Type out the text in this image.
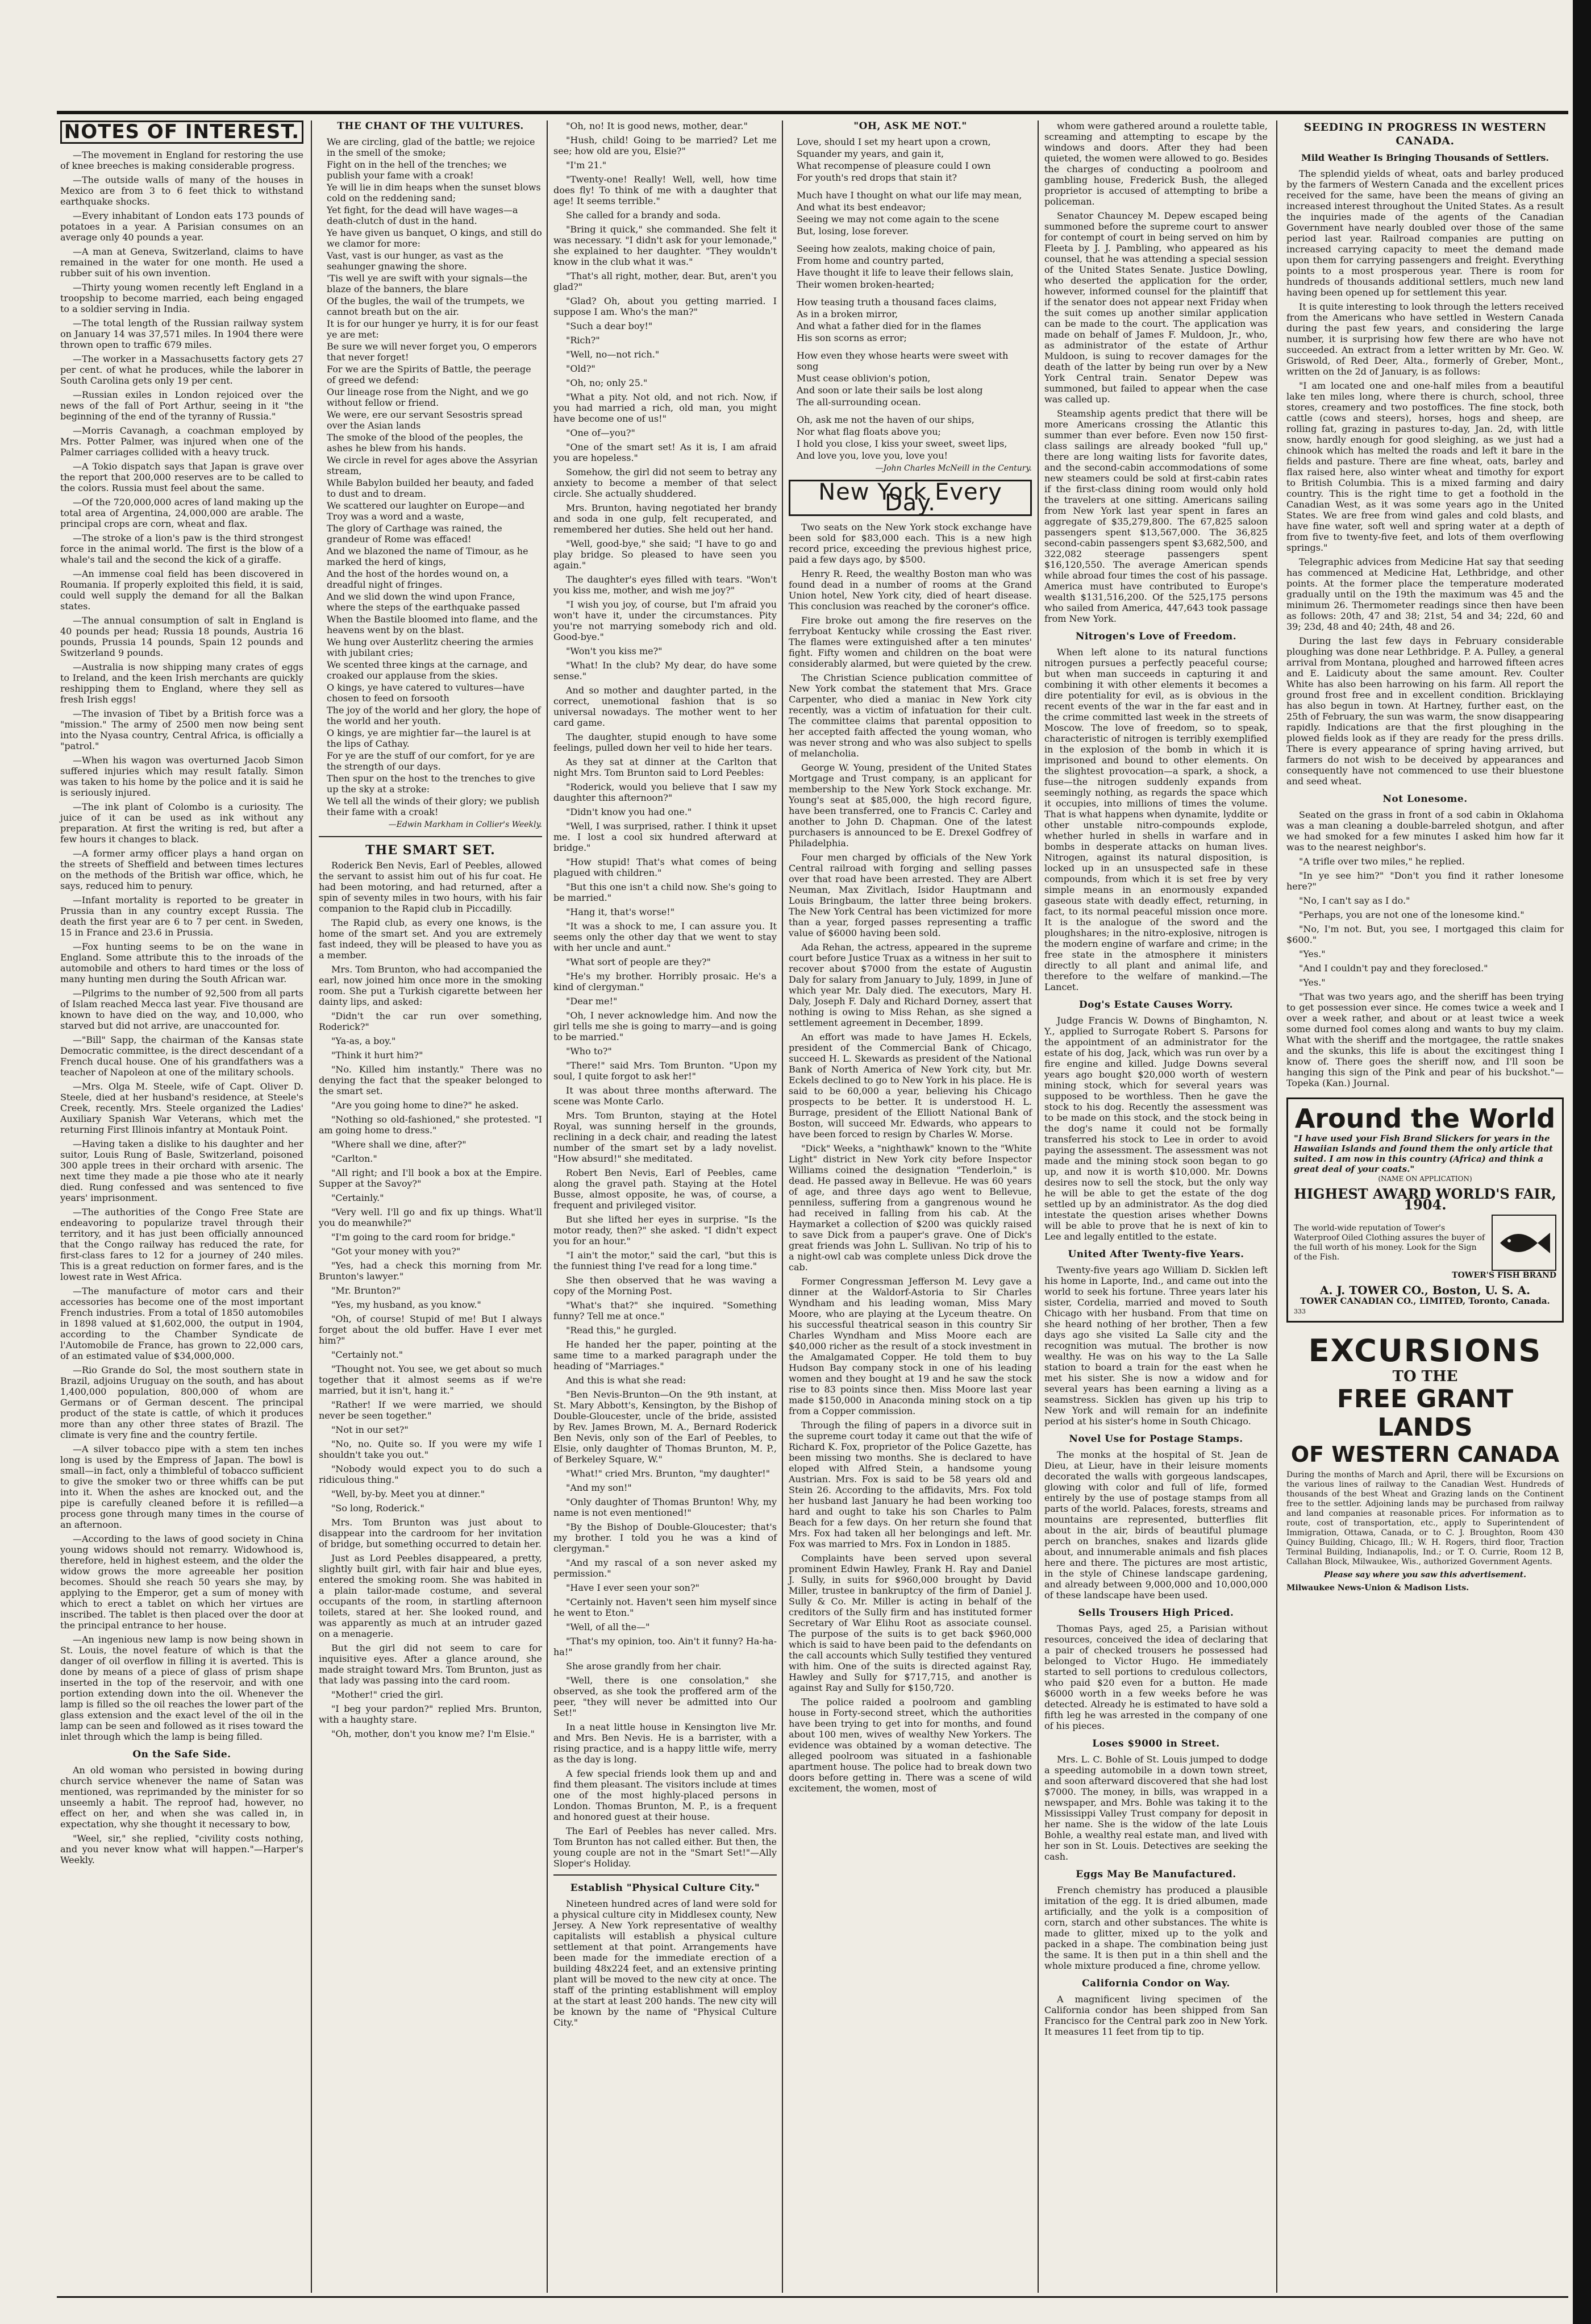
NOTES OF INTEREST.

—The movement in England for restoring the use of knee breeches is making considerable progress.

—The outside walls of many of the houses in Mexico are from 3 to 6 feet thick to withstand earthquake shocks.

—Every inhabitant of London eats 173 pounds of potatoes in a year. A Parisian consumes on an average only 40 pounds a year.

—A man at Geneva, Switzerland, claims to have remained in the water for one month. He used a rubber suit of his own invention.

—Thirty young women recently left England in a troopship to become married, each being engaged to a soldier serving in India.

—The total length of the Russian railway system on January 14 was 37,571 miles. In 1904 there were thrown open to traffic 679 miles.

—The worker in a Massachusetts factory gets 27 per cent. of what he produces, while the laborer in South Carolina gets only 19 per cent.

—Russian exiles in London rejoiced over the news of the fall of Port Arthur, seeing in it "the beginning of the end of the tyranny of Russia."

—Morris Cavanagh, a coachman employed by Mrs. Potter Palmer, was injured when one of the Palmer carriages collided with a heavy truck.

—A Tokio dispatch says that Japan is grave over the report that 200,000 reserves are to be called to the colors. Russia must feel about the same.

—Of the 720,000,000 acres of land making up the total area of Argentina, 24,000,000 are arable. The principal crops are corn, wheat and flax.

—The stroke of a lion's paw is the third strongest force in the animal world. The first is the blow of a whale's tail and the second the kick of a giraffe.

—An immense coal field has been discovered in Roumania. If properly exploited this field, it is said, could well supply the demand for all the Balkan states.

—The annual consumption of salt in England is 40 pounds per head; Russia 18 pounds, Austria 16 pounds, Prussia 14 pounds, Spain 12 pounds and Switzerland 9 pounds.

—Australia is now shipping many crates of eggs to Ireland, and the keen Irish merchants are quickly reshipping them to England, where they sell as fresh Irish eggs!

—The invasion of Tibet by a British force was a "mission." The army of 2500 men now being sent into the Nyasa country, Central Africa, is officially a "patrol."

—When his wagon was overturned Jacob Simon suffered injuries which may result fatally. Simon was taken to his home by the police and it is said he is seriously injured.

—The ink plant of Colombo is a curiosity. The juice of it can be used as ink without any preparation. At first the writing is red, but after a few hours it changes to black.

—A former army officer plays a hand organ on the streets of Sheffield and between times lectures on the methods of the British war office, which, he says, reduced him to penury.

—Infant mortality is reported to be greater in Prussia than in any country except Russia. The death the first year are 6 to 7 per cent. in Sweden, 15 in France and 23.6 in Prussia.

—Fox hunting seems to be on the wane in England. Some attribute this to the inroads of the automobile and others to hard times or the loss of many hunting men during the South African war.

—Pilgrims to the number of 92,500 from all parts of Islam reached Mecca last year. Five thousand are known to have died on the way, and 10,000, who starved but did not arrive, are unaccounted for.

—"Bill" Sapp, the chairman of the Kansas state Democratic committee, is the direct descendant of a French ducal house. One of his grandfathers was a teacher of Napoleon at one of the military schools.

—Mrs. Olga M. Steele, wife of Capt. Oliver D. Steele, died at her husband's residence, at Steele's Creek, recently. Mrs. Steele organized the Ladies' Auxiliary Spanish War Veterans, which met the returning First Illinois infantry at Montauk Point.

—Having taken a dislike to his daughter and her suitor, Louis Rung of Basle, Switzerland, poisoned 300 apple trees in their orchard with arsenic. The next time they made a pie those who ate it nearly died. Rung confessed and was sentenced to five years' imprisonment.

—The authorities of the Congo Free State are endeavoring to popularize travel through their territory, and it has just been officially announced that the Congo railway has reduced the rate, for first-class fares to 12 for a journey of 240 miles. This is a great reduction on former fares, and is the lowest rate in West Africa.

—The manufacture of motor cars and their accessories has become one of the most important French industries. From a total of 1850 automobiles in 1898 valued at $1,602,000, the output in 1904, according to the Chamber Syndicate de l'Automobile de France, has grown to 22,000 cars, of an estimated value of $34,000,000.

—Rio Grande do Sol, the most southern state in Brazil, adjoins Uruguay on the south, and has about 1,400,000 population, 800,000 of whom are Germans or of German descent. The principal product of the state is cattle, of which it produces more than any other three states of Brazil. The climate is very fine and the country fertile.

—A silver tobacco pipe with a stem ten inches long is used by the Empress of Japan. The bowl is small—in fact, only a thimbleful of tobacco sufficient to give the smoker two or three whiffs can be put into it. When the ashes are knocked out, and the pipe is carefully cleaned before it is refilled—a process gone through many times in the course of an afternoon.

—According to the laws of good society in China young widows should not remarry. Widowhood is, therefore, held in highest esteem, and the older the widow grows the more agreeable her position becomes. Should she reach 50 years she may, by applying to the Emperor, get a sum of money with which to erect a tablet on which her virtues are inscribed. The tablet is then placed over the door at the principal entrance to her house.

—An ingenious new lamp is now being shown in St. Louis, the novel feature of which is that the danger of oil overflow in filling it is averted. This is done by means of a piece of glass of prism shape inserted in the top of the reservoir, and with one portion extending down into the oil. Whenever the lamp is filled so the oil reaches the lower part of the glass extension and the exact level of the oil in the lamp can be seen and followed as it rises toward the inlet through which the lamp is being filled.

On the Safe Side.

An old woman who persisted in bowing during church service whenever the name of Satan was mentioned, was reprimanded by the minister for so unseemly a habit. The reproof had, however, no effect on her, and when she was called in, in expectation, why she thought it necessary to bow,

"Weel, sir," she replied, "civility costs nothing, and you never know what will happen."—Harper's Weekly.

THE CHANT OF THE VULTURES.

We are circling, glad of the battle; we rejoice in the smell of the smoke;

Fight on in the hell of the trenches; we publish your fame with a croak!

Ye will lie in dim heaps when the sunset blows cold on the reddening sand;

Yet fight, for the dead will have wages—a death-clutch of dust in the hand.

Ye have given us banquet, O kings, and still do we clamor for more:

Vast, vast is our hunger, as vast as the seahunger gnawing the shore.

'Tis well ye are swift with your signals—the blaze of the banners, the blare

Of the bugles, the wail of the trumpets, we cannot breath but on the air.

It is for our hunger ye hurry, it is for our feast ye are met:

Be sure we will never forget you, O emperors that never forget!

For we are the Spirits of Battle, the peerage of greed we defend:

Our lineage rose from the Night, and we go without fellow or friend.

We were, ere our servant Sesostris spread over the Asian lands

The smoke of the blood of the peoples, the ashes he blew from his hands.

We circle in revel for ages above the Assyrian stream,

While Babylon builded her beauty, and faded to dust and to dream.

We scattered our laughter on Europe—and Troy was a word and a waste,

The glory of Carthage was rained, the grandeur of Rome was effaced!

And we blazoned the name of Timour, as he marked the herd of kings,

And the host of the hordes wound on, a dreadful night of fringes.

And we slid down the wind upon France, where the steps of the earthquake passed

When the Bastile bloomed into flame, and the heavens went by on the blast.

We hung over Austerlitz cheering the armies with jubilant cries;

We scented three kings at the carnage, and croaked our applause from the skies.

O kings, ye have catered to vultures—have chosen to feed on forsooth

The joy of the world and her glory, the hope of the world and her youth.

O kings, ye are mightier far—the laurel is at the lips of Cathay.

For ye are the stuff of our comfort, for ye are the strength of our days.

Then spur on the host to the trenches to give up the sky at a stroke:

We tell all the winds of their glory; we publish their fame with a croak!

—Edwin Markham in Collier's Weekly.

THE SMART SET.

Roderick Ben Nevis, Earl of Peebles, allowed the servant to assist him out of his fur coat. He had been motoring, and had returned, after a spin of seventy miles in two hours, with his fair companion to the Rapid club in Piccadilly.

The Rapid club, as every one knows, is the home of the smart set. And you are extremely fast indeed, they will be pleased to have you as a member.

Mrs. Tom Brunton, who had accompanied the earl, now joined him once more in the smoking room. She put a Turkish cigarette between her dainty lips, and asked:

"Didn't the car run over something, Roderick?"

"Ya-as, a boy."

"Think it hurt him?"

"No. Killed him instantly." There was no denying the fact that the speaker belonged to the smart set.

"Are you going home to dine?" he asked.

"Nothing so old-fashioned," she protested. "I am going home to dress."

"Where shall we dine, after?"

"Carlton."

"All right; and I'll book a box at the Empire. Supper at the Savoy?"

"Certainly."

"Very well. I'll go and fix up things. What'll you do meanwhile?"

"I'm going to the card room for bridge."

"Got your money with you?"

"Yes, had a check this morning from Mr. Brunton's lawyer."

"Mr. Brunton?"

"Yes, my husband, as you know."

"Oh, of course! Stupid of me! But I always forget about the old buffer. Have I ever met him?"

"Certainly not."

"Thought not. You see, we get about so much together that it almost seems as if we're married, but it isn't, hang it."

"Rather! If we were married, we should never be seen together."

"Not in our set?"

"No, no. Quite so. If you were my wife I shouldn't take you out."

"Nobody would expect you to do such a ridiculous thing."

"Well, by-by. Meet you at dinner."

"So long, Roderick."

Mrs. Tom Brunton was just about to disappear into the cardroom for her invitation of bridge, but something occurred to detain her.

Just as Lord Peebles disappeared, a pretty, slightly built girl, with fair hair and blue eyes, entered the smoking room. She was habited in a plain tailor-made costume, and several occupants of the room, in startling afternoon toilets, stared at her. She looked round, and was apparently as much at an intruder gazed on a menagerie.

But the girl did not seem to care for inquisitive eyes. After a glance around, she made straight toward Mrs. Tom Brunton, just as that lady was passing into the card room.

"Mother!" cried the girl.

"I beg your pardon?" replied Mrs. Brunton, with a haughty stare.

"Oh, mother, don't you know me? I'm Elsie."

"Oh, no! It is good news, mother, dear."

"Hush, child! Going to be married? Let me see; how old are you, Elsie?"

"I'm 21."

"Twenty-one! Really! Well, well, how time does fly! To think of me with a daughter that age! It seems terrible."

She called for a brandy and soda.

"Bring it quick," she commanded. She felt it was necessary. "I didn't ask for your lemonade," she explained to her daughter. "They wouldn't know in the club what it was."

"That's all right, mother, dear. But, aren't you glad?"

"Glad? Oh, about you getting married. I suppose I am. Who's the man?"

"Such a dear boy!"

"Rich?"

"Well, no—not rich."

"Old?"

"Oh, no; only 25."

"What a pity. Not old, and not rich. Now, if you had married a rich, old man, you might have become one of us!"

"One of—you?"

"One of the smart set! As it is, I am afraid you are hopeless."

Somehow, the girl did not seem to betray any anxiety to become a member of that select circle. She actually shuddered.

Mrs. Brunton, having negotiated her brandy and soda in one gulp, felt recuperated, and remembered her duties. She held out her hand.

"Well, good-bye," she said; "I have to go and play bridge. So pleased to have seen you again."

The daughter's eyes filled with tears. "Won't you kiss me, mother, and wish me joy?"

"I wish you joy, of course, but I'm afraid you won't have it, under the circumstances. Pity you're not marrying somebody rich and old. Good-bye."

"Won't you kiss me?"

"What! In the club? My dear, do have some sense."

And so mother and daughter parted, in the correct, unemotional fashion that is so universal nowadays. The mother went to her card game.

The daughter, stupid enough to have some feelings, pulled down her veil to hide her tears.

As they sat at dinner at the Carlton that night Mrs. Tom Brunton said to Lord Peebles:

"Roderick, would you believe that I saw my daughter this afternoon?"

"Didn't know you had one."

"Well, I was surprised, rather. I think it upset me. I lost a cool six hundred afterward at bridge."

"How stupid! That's what comes of being plagued with children."

"But this one isn't a child now. She's going to be married."

"Hang it, that's worse!"

"It was a shock to me, I can assure you. It seems only the other day that we went to stay with her uncle and aunt."

"What sort of people are they?"

"He's my brother. Horribly prosaic. He's a kind of clergyman."

"Dear me!"

"Oh, I never acknowledge him. And now the girl tells me she is going to marry—and is going to be married."

"Who to?"

"There!" said Mrs. Tom Brunton. "Upon my soul, I quite forgot to ask her!"

It was about three months afterward. The scene was Monte Carlo.

Mrs. Tom Brunton, staying at the Hotel Royal, was sunning herself in the grounds, reclining in a deck chair, and reading the latest number of the smart set by a lady novelist. "How absurd!" she meditated.

Robert Ben Nevis, Earl of Peebles, came along the gravel path. Staying at the Hotel Busse, almost opposite, he was, of course, a frequent and privileged visitor.

But she lifted her eyes in surprise. "Is the motor ready, then?" she asked. "I didn't expect you for an hour."

"I ain't the motor," said the carl, "but this is the funniest thing I've read for a long time."

She then observed that he was waving a copy of the Morning Post.

"What's that?" she inquired. "Something funny? Tell me at once."

"Read this," he gurgled.

He handed her the paper, pointing at the same time to a marked paragraph under the heading of "Marriages."

And this is what she read:

"Ben Nevis-Brunton—On the 9th instant, at St. Mary Abbott's, Kensington, by the Bishop of Double-Gloucester, uncle of the bride, assisted by Rev. James Brown, M. A., Bernard Roderick Ben Nevis, only son of the Earl of Peebles, to Elsie, only daughter of Thomas Brunton, M. P., of Berkeley Square, W."

"What!" cried Mrs. Brunton, "my daughter!"

"And my son!"

"Only daughter of Thomas Brunton! Why, my name is not even mentioned!"

"By the Bishop of Double-Gloucester; that's my brother. I told you he was a kind of clergyman."

"And my rascal of a son never asked my permission."

"Have I ever seen your son?"

"Certainly not. Haven't seen him myself since he went to Eton."

"Well, of all the—"

"That's my opinion, too. Ain't it funny? Ha-ha-ha!"

She arose grandly from her chair.

"Well, there is one consolation," she observed, as she took the proffered arm of the peer, "they will never be admitted into Our Set!"

In a neat little house in Kensington live Mr. and Mrs. Ben Nevis. He is a barrister, with a rising practice, and is a happy little wife, merry as the day is long.

A few special friends look them up and and find them pleasant. The visitors include at times one of the most highly-placed persons in London. Thomas Brunton, M. P., is a frequent and honored guest at their house.

The Earl of Peebles has never called. Mrs. Tom Brunton has not called either. But then, the young couple are not in the "Smart Set!"—Ally Sloper's Holiday.

Establish "Physical Culture City."

Nineteen hundred acres of land were sold for a physical culture city in Middlesex county, New Jersey. A New York representative of wealthy capitalists will establish a physical culture settlement at that point. Arrangements have been made for the immediate erection of a building 48x224 feet, and an extensive printing plant will be moved to the new city at once. The staff of the printing establishment will employ at the start at least 200 hands. The new city will be known by the name of "Physical Culture City."

"OH, ASK ME NOT."

Love, should I set my heart upon a crown,

Squander my years, and gain it,

What recompense of pleasure could I own

For youth's red drops that stain it?

Much have I thought on what our life may mean,

And what its best endeavor;

Seeing we may not come again to the scene

But, losing, lose forever.

Seeing how zealots, making choice of pain,

From home and country parted,

Have thought it life to leave their fellows slain,

Their women broken-hearted;

How teasing truth a thousand faces claims,

As in a broken mirror,

And what a father died for in the flames

His son scorns as error;

How even they whose hearts were sweet with song

Must cease oblivion's potion,

And soon or late their sails be lost along

The all-surrounding ocean.

Oh, ask me not the haven of our ships,

Nor what flag floats above you;

I hold you close, I kiss your sweet, sweet lips,

And love you, love you, love you!

—John Charles McNeill in the Century.

New York Every Day.

Two seats on the New York stock exchange have been sold for $83,000 each. This is a new high record price, exceeding the previous highest price, paid a few days ago, by $500.

Henry R. Reed, the wealthy Boston man who was found dead in a number of rooms at the Grand Union hotel, New York city, died of heart disease. This conclusion was reached by the coroner's office.

Fire broke out among the fire reserves on the ferryboat Kentucky while crossing the East river. The flames were extinguished after a ten minutes' fight. Fifty women and children on the boat were considerably alarmed, but were quieted by the crew.

The Christian Science publication committee of New York combat the statement that Mrs. Grace Carpenter, who died a maniac in New York city recently, was a victim of infatuation for their cult. The committee claims that parental opposition to her accepted faith affected the young woman, who was never strong and who was also subject to spells of melancholia.

George W. Young, president of the United States Mortgage and Trust company, is an applicant for membership to the New York Stock exchange. Mr. Young's seat at $85,000, the high record figure, have been transferred, one to Francis C. Carley and another to John D. Chapman. One of the latest purchasers is announced to be E. Drexel Godfrey of Philadelphia.

Four men charged by officials of the New York Central railroad with forging and selling passes over that road have been arrested. They are Albert Neuman, Max Zivitlach, Isidor Hauptmann and Louis Bringbaum, the latter three being brokers. The New York Central has been victimized for more than a year, forged passes representing a traffic value of $6000 having been sold.

Ada Rehan, the actress, appeared in the supreme court before Justice Truax as a witness in her suit to recover about $7000 from the estate of Augustin Daly for salary from January to July, 1899, in June of which year Mr. Daly died. The executors, Mary H. Daly, Joseph F. Daly and Richard Dorney, assert that nothing is owing to Miss Rehan, as she signed a settlement agreement in December, 1899.

An effort was made to have James H. Eckels, president of the Commercial Bank of Chicago, succeed H. L. Skewards as president of the National Bank of North America of New York city, but Mr. Eckels declined to go to New York in his place. He is said to be 60,000 a year, believing his Chicago prospects to be better. It is understood H. L. Burrage, president of the Elliott National Bank of Boston, will succeed Mr. Edwards, who appears to have been forced to resign by Charles W. Morse.

"Dick" Weeks, a "nighthawk" known to the "White Light" district in New York city before Inspector Williams coined the designation "Tenderloin," is dead. He passed away in Bellevue. He was 60 years of age, and three days ago went to Bellevue, penniless, suffering from a gangrenous wound he had received in falling from his cab. At the Haymarket a collection of $200 was quickly raised to save Dick from a pauper's grave. One of Dick's great friends was John L. Sullivan. No trip of his to a night-owl cab was complete unless Dick drove the cab.

Former Congressman Jefferson M. Levy gave a dinner at the Waldorf-Astoria to Sir Charles Wyndham and his leading woman, Miss Mary Moore, who are playing at the Lyceum theatre. On his successful theatrical season in this country Sir Charles Wyndham and Miss Moore each are $40,000 richer as the result of a stock investment in the Amalgamated Copper. He told them to buy Hudson Bay company stock in one of his leading women and they bought at 19 and he saw the stock rise to 83 points since then. Miss Moore last year made $150,000 in Anaconda mining stock on a tip from a Copper commission.

Through the filing of papers in a divorce suit in the supreme court today it came out that the wife of Richard K. Fox, proprietor of the Police Gazette, has been missing two months. She is declared to have eloped with Alfred Stein, a handsome young Austrian. Mrs. Fox is said to be 58 years old and Stein 26. According to the affidavits, Mrs. Fox told her husband last January he had been working too hard and ought to take his son Charles to Palm Beach for a few days. On her return she found that Mrs. Fox had taken all her belongings and left. Mr. Fox was married to Mrs. Fox in London in 1885.

Complaints have been served upon several prominent Edwin Hawley, Frank H. Ray and Daniel J. Sully, in suits for $960,000 brought by David Miller, trustee in bankruptcy of the firm of Daniel J. Sully & Co. Mr. Miller is acting in behalf of the creditors of the Sully firm and has instituted former Secretary of War Elihu Root as associate counsel. The purpose of the suits is to get back $960,000 which is said to have been paid to the defendants on the call accounts which Sully testified they ventured with him. One of the suits is directed against Ray, Hawley and Sully for $717,715, and another is against Ray and Sully for $150,720.

The police raided a poolroom and gambling house in Forty-second street, which the authorities have been trying to get into for months, and found about 100 men, wives of wealthy New Yorkers. The evidence was obtained by a woman detective. The alleged poolroom was situated in a fashionable apartment house. The police had to break down two doors before getting in. There was a scene of wild excitement, the women, most of

whom were gathered around a roulette table, screaming and attempting to escape by the windows and doors. After they had been quieted, the women were allowed to go. Besides the charges of conducting a poolroom and gambling house, Frederick Bush, the alleged proprietor is accused of attempting to bribe a policeman.

Senator Chauncey M. Depew escaped being summoned before the supreme court to answer for contempt of court in being served on him by Fleeta by J. J. Pambling, who appeared as his counsel, that he was attending a special session of the United States Senate. Justice Dowling, who deserted the application for the order, however, informed counsel for the plaintiff that if the senator does not appear next Friday when the suit comes up another similar application can be made to the court. The application was made on behalf of James F. Muldoon, Jr., who, as administrator of the estate of Arthur Muldoon, is suing to recover damages for the death of the latter by being run over by a New York Central train. Senator Depew was summoned, but failed to appear when the case was called up.

Steamship agents predict that there will be more Americans crossing the Atlantic this summer than ever before. Even now 150 first-class sailings are already booked "full up," there are long waiting lists for favorite dates, and the second-cabin accommodations of some new steamers could be sold at first-cabin rates if the first-class dining room would only hold the travelers at one sitting. Americans sailing from New York last year spent in fares an aggregate of $35,279,800. The 67,825 saloon passengers spent $13,567,000. The 36,825 second-cabin passengers spent $3,682,500, and 322,082 steerage passengers spent $16,120,550. The average American spends while abroad four times the cost of his passage. America must have contributed to Europe's wealth $131,516,200. Of the 525,175 persons who sailed from America, 447,643 took passage from New York.

Nitrogen's Love of Freedom.

When left alone to its natural functions nitrogen pursues a perfectly peaceful course; but when man succeeds in capturing it and combining it with other elements it becomes a dire potentiality for evil, as is obvious in the recent events of the war in the far east and in the crime committed last week in the streets of Moscow. The love of freedom, so to speak, characteristic of nitrogen is terribly exemplified in the explosion of the bomb in which it is imprisoned and bound to other elements. On the slightest provocation—a spark, a shock, a fuse—the nitrogen suddenly expands from seemingly nothing, as regards the space which it occupies, into millions of times the volume. That is what happens when dynamite, lyddite or other unstable nitro-compounds explode, whether hurled in shells in warfare and in bombs in desperate attacks on human lives. Nitrogen, against its natural disposition, is locked up in an unsuspected safe in these compounds, from which it is set free by very simple means in an enormously expanded gaseous state with deadly effect, returning, in fact, to its normal peaceful mission once more. It is the analogue of the sword and the ploughshares; in the nitro-explosive, nitrogen is the modern engine of warfare and crime; in the free state in the atmosphere it ministers directly to all plant and animal life, and therefore to the welfare of mankind.—The Lancet.

Dog's Estate Causes Worry.

Judge Francis W. Downs of Binghamton, N. Y., applied to Surrogate Robert S. Parsons for the appointment of an administrator for the estate of his dog, Jack, which was run over by a fire engine and killed. Judge Downs several years ago bought $20,000 worth of western mining stock, which for several years was supposed to be worthless. Then he gave the stock to his dog. Recently the assessment was to be made on this stock, and the stock being in the dog's name it could not be formally transferred his stock to Lee in order to avoid paying the assessment. The assessment was not made and the mining stock soon began to go up, and now it is worth $10,000. Mr. Downs desires now to sell the stock, but the only way he will be able to get the estate of the dog settled up by an administrator. As the dog died intestate the question arises whether Downs will be able to prove that he is next of kin to Lee and legally entitled to the estate.

United After Twenty-five Years.

Twenty-five years ago William D. Sicklen left his home in Laporte, Ind., and came out into the world to seek his fortune. Three years later his sister, Cordelia, married and moved to South Chicago with her husband. From that time on she heard nothing of her brother, Then a few days ago she visited La Salle city and the recognition was mutual. The brother is now wealthy. He was on his way to the La Salle station to board a train for the east when he met his sister. She is now a widow and for several years has been earning a living as a seamstress. Sicklen has given up his trip to New York and will remain for an indefinite period at his sister's home in South Chicago.

Novel Use for Postage Stamps.

The monks at the hospital of St. Jean de Dieu, at Lieur, have in their leisure moments decorated the walls with gorgeous landscapes, glowing with color and full of life, formed entirely by the use of postage stamps from all parts of the world. Palaces, forests, streams and mountains are represented, butterflies flit about in the air, birds of beautiful plumage perch on branches, snakes and lizards glide about, and innumerable animals and fish places here and there. The pictures are most artistic, in the style of Chinese landscape gardening, and already between 9,000,000 and 10,000,000 of these landscape have been used.

Sells Trousers High Priced.

Thomas Pays, aged 25, a Parisian without resources, conceived the idea of declaring that a pair of checked trousers he possessed had belonged to Victor Hugo. He immediately started to sell portions to credulous collectors, who paid $20 even for a button. He made $6000 worth in a few weeks before he was detected. Already he is estimated to have sold a fifth leg he was arrested in the company of one of his pieces.

Loses $9000 in Street.

Mrs. L. C. Bohle of St. Louis jumped to dodge a speeding automobile in a down town street, and soon afterward discovered that she had lost $7000. The money, in bills, was wrapped in a newspaper, and Mrs. Bohle was taking it to the Mississippi Valley Trust company for deposit in her name. She is the widow of the late Louis Bohle, a wealthy real estate man, and lived with her son in St. Louis. Detectives are seeking the cash.

Eggs May Be Manufactured.

French chemistry has produced a plausible imitation of the egg. It is dried albumen, made artificially, and the yolk is a composition of corn, starch and other substances. The white is made to glitter, mixed up to the yolk and packed in a shape. The combination being just the same. It is then put in a thin shell and the whole mixture produced a fine, chrome yellow.

California Condor on Way.

A magnificent living specimen of the California condor has been shipped from San Francisco for the Central park zoo in New York. It measures 11 feet from tip to tip.

SEEDING IN PROGRESS IN WESTERN CANADA.
Mild Weather Is Bringing Thousands of Settlers.

The splendid yields of wheat, oats and barley produced by the farmers of Western Canada and the excellent prices received for the same, have been the means of giving an increased interest throughout the United States. As a result the inquiries made of the agents of the Canadian Government have nearly doubled over those of the same period last year. Railroad companies are putting on increased carrying capacity to meet the demand made upon them for carrying passengers and freight. Everything points to a most prosperous year. There is room for hundreds of thousands additional settlers, much new land having been opened up for settlement this year.

It is quite interesting to look through the letters received from the Americans who have settled in Western Canada during the past few years, and considering the large number, it is surprising how few there are who have not succeeded. An extract from a letter written by Mr. Geo. W. Griswold, of Red Deer, Alta., formerly of Greber, Mont., written on the 2d of January, is as follows:

"I am located one and one-half miles from a beautiful lake ten miles long, where there is church, school, three stores, creamery and two postoffices. The fine stock, both cattle (cows and steers), horses, hogs and sheep, are rolling fat, grazing in pastures to-day, Jan. 2d, with little snow, hardly enough for good sleighing, as we just had a chinook which has melted the roads and left it bare in the fields and pasture. There are fine wheat, oats, barley and flax raised here, also winter wheat and timothy for export to British Columbia. This is a mixed farming and dairy country. This is the right time to get a foothold in the Canadian West, as it was some years ago in the United States. We are free from wind gales and cold blasts, and have fine water, soft well and spring water at a depth of from five to twenty-five feet, and lots of them overflowing springs."

Telegraphic advices from Medicine Hat say that seeding has commenced at Medicine Hat, Lethbridge, and other points. At the former place the temperature moderated gradually until on the 19th the maximum was 45 and the minimum 26. Thermometer readings since then have been as follows: 20th, 47 and 38; 21st, 54 and 34; 22d, 60 and 39; 23d, 48 and 40; 24th, 48 and 26.

During the last few days in February considerable ploughing was done near Lethbridge. P. A. Pulley, a general arrival from Montana, ploughed and harrowed fifteen acres and E. Laidicuty about the same amount. Rev. Coulter White has also been harrowing on his farm. All report the ground frost free and in excellent condition. Bricklaying has also begun in town. At Hartney, further east, on the 25th of February, the sun was warm, the snow disappearing rapidly. Indications are that the first ploughing in the plowed fields look as if they are ready for the press drills. There is every appearance of spring having arrived, but farmers do not wish to be deceived by appearances and consequently have not commenced to use their bluestone and seed wheat.

Not Lonesome.

Seated on the grass in front of a sod cabin in Oklahoma was a man cleaning a double-barreled shotgun, and after we had smoked for a few minutes I asked him how far it was to the nearest neighbor's.

"A trifle over two miles," he replied.

"In ye see him?" "Don't you find it rather lonesome here?"

"No, I can't say as I do."

"Perhaps, you are not one of the lonesome kind."

"No, I'm not. But, you see, I mortgaged this claim for $600."

"Yes."

"And I couldn't pay and they foreclosed."

"Yes."

"That was two years ago, and the sheriff has been trying to get possession ever since. He comes twice a week and I over a week rather, and about or at least twice a week some durned fool comes along and wants to buy my claim. What with the sheriff and the mortgagee, the rattle snakes and the skunks, this life is about the excitingest thing I know of. There goes the sheriff now, and I'll soon be hanging this sign of the Pink and pear of his buckshot."—Topeka (Kan.) Journal.

Around the World
"I have used your Fish Brand Slickers for years in the Hawaiian Islands and found them the only article that suited. I am now in this country (Africa) and think a great deal of your coats."
(NAME ON APPLICATION)
HIGHEST AWARD WORLD'S FAIR, 1904.
The world-wide reputation of Tower's Waterproof Oiled Clothing assures the buyer of the full worth of his money. Look for the Sign of the Fish.
TOWER'S FISH BRAND
A. J. TOWER CO., Boston, U. S. A.
TOWER CANADIAN CO., LIMITED, Toronto, Canada.
333
EXCURSIONS
TO THE
FREE GRANT LANDS
OF WESTERN CANADA
During the months of March and April, there will be Excursions on the various lines of railway to the Canadian West. Hundreds of thousands of the best Wheat and Grazing lands on the Continent free to the settler. Adjoining lands may be purchased from railway and land companies at reasonable prices. For information as to route, cost of transportation, etc., apply to Superintendent of Immigration, Ottawa, Canada, or to C. J. Broughton, Room 430 Quincy Building, Chicago, Ill.; W. H. Rogers, third floor, Traction Terminal Building, Indianapolis, Ind.; or T. O. Currie, Room 12 B, Callahan Block, Milwaukee, Wis., authorized Government Agents.
Please say where you saw this advertisement.
Milwaukee News-Union & Madison Lists.
